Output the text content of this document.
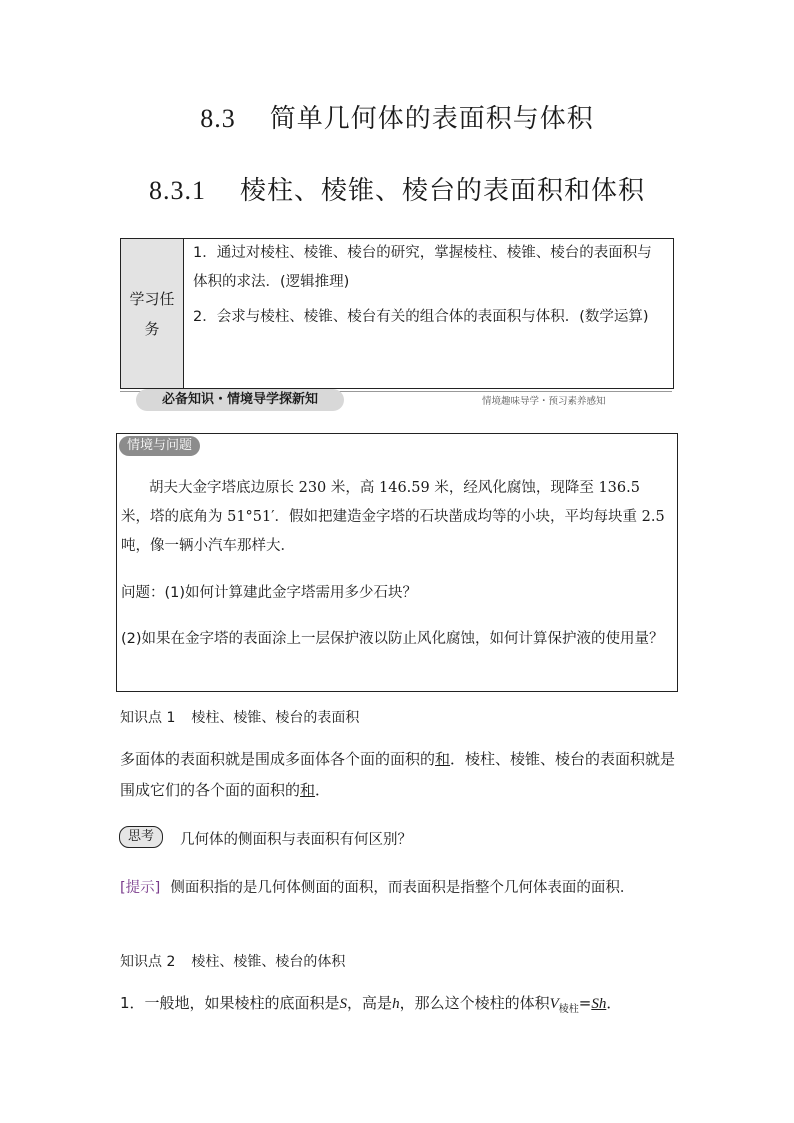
8.3 简单几何体的表面积与体积
8.3.1 棱柱、棱锥、棱台的表面积和体积
学习任务

1．通过对棱柱、棱锥、棱台的研究，掌握棱柱、棱锥、棱台的表面积与体积的求法．(逻辑推理)

2．会求与棱柱、棱锥、棱台有关的组合体的表面积与体积．(数学运算)

必备知识・情境导学探新知	情境趣味导学・预习素养感知
情境与问题

胡夫大金字塔底边原长 230 米，高 146.59 米，经风化腐蚀，现降至 136.5 米，塔的底角为 51°51′．假如把建造金字塔的石块凿成均等的小块，平均每块重 2.5 吨，像一辆小汽车那样大．

问题：(1)如何计算建此金字塔需用多少石块？
(2)如果在金字塔的表面涂上一层保护液以防止风化腐蚀，如何计算保护液的使用量？
知识点 1 棱柱、棱锥、棱台的表面积
多面体的表面积就是围成多面体各个面的面积的和．棱柱、棱锥、棱台的表面积就是围成它们的各个面的面积的和．
思考	几何体的侧面积与表面积有何区别？
[提示] 侧面积指的是几何体侧面的面积，而表面积是指整个几何体表面的面积．
知识点 2 棱柱、棱锥、棱台的体积
1．一般地，如果棱柱的底面积是S，高是h，那么这个棱柱的体积$V_{棱柱}=Sh$．
